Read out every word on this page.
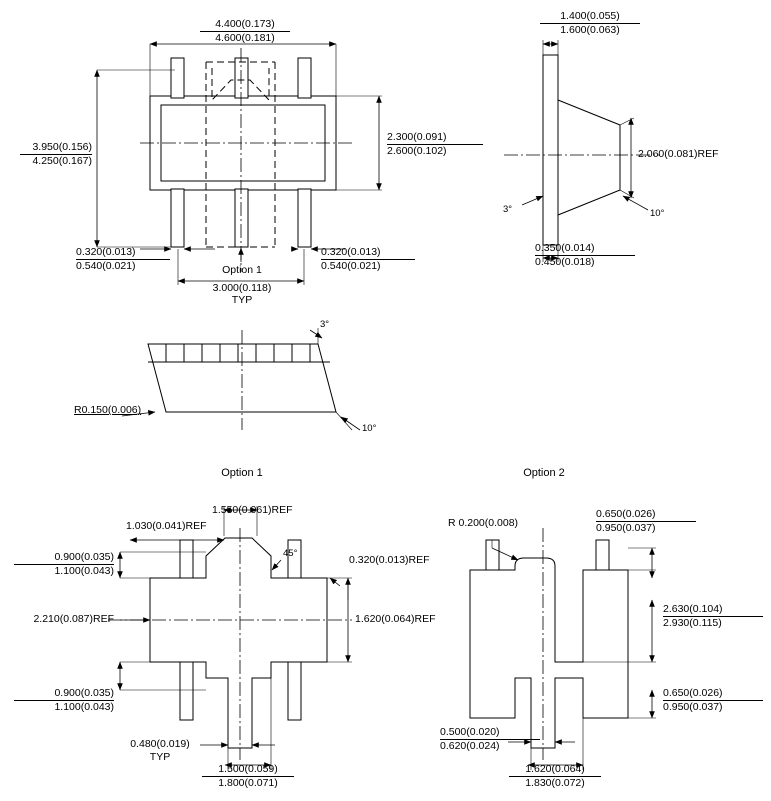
4.400(0.173)
4.600(0.181)
3.950(0.156)
4.250(0.167)
2.300(0.091)
2.600(0.102)
0.320(0.013)
0.540(0.021)
0.320(0.013)
0.540(0.021)
Option 1
3.000(0.118)
TYP
1.400(0.055)
1.600(0.063)
2.060(0.081)REF
3°	10°
0.350(0.014)
0.450(0.018)
3°
10°
R0.150(0.006)
Option 1	Option 2
1.550(0.061)REF
1.030(0.041)REF
45°
0.320(0.013)REF
1.620(0.064)REF
0.900(0.035)
1.100(0.043)
2.210(0.087)REF
0.900(0.035)
1.100(0.043)
0.480(0.019)
TYP
1.500(0.059)
1.800(0.071)
R 0.200(0.008)
0.650(0.026)
0.950(0.037)
2.630(0.104)
2.930(0.115)
0.650(0.026)
0.950(0.037)
0.500(0.020)
0.620(0.024)
1.620(0.064)
1.830(0.072)
